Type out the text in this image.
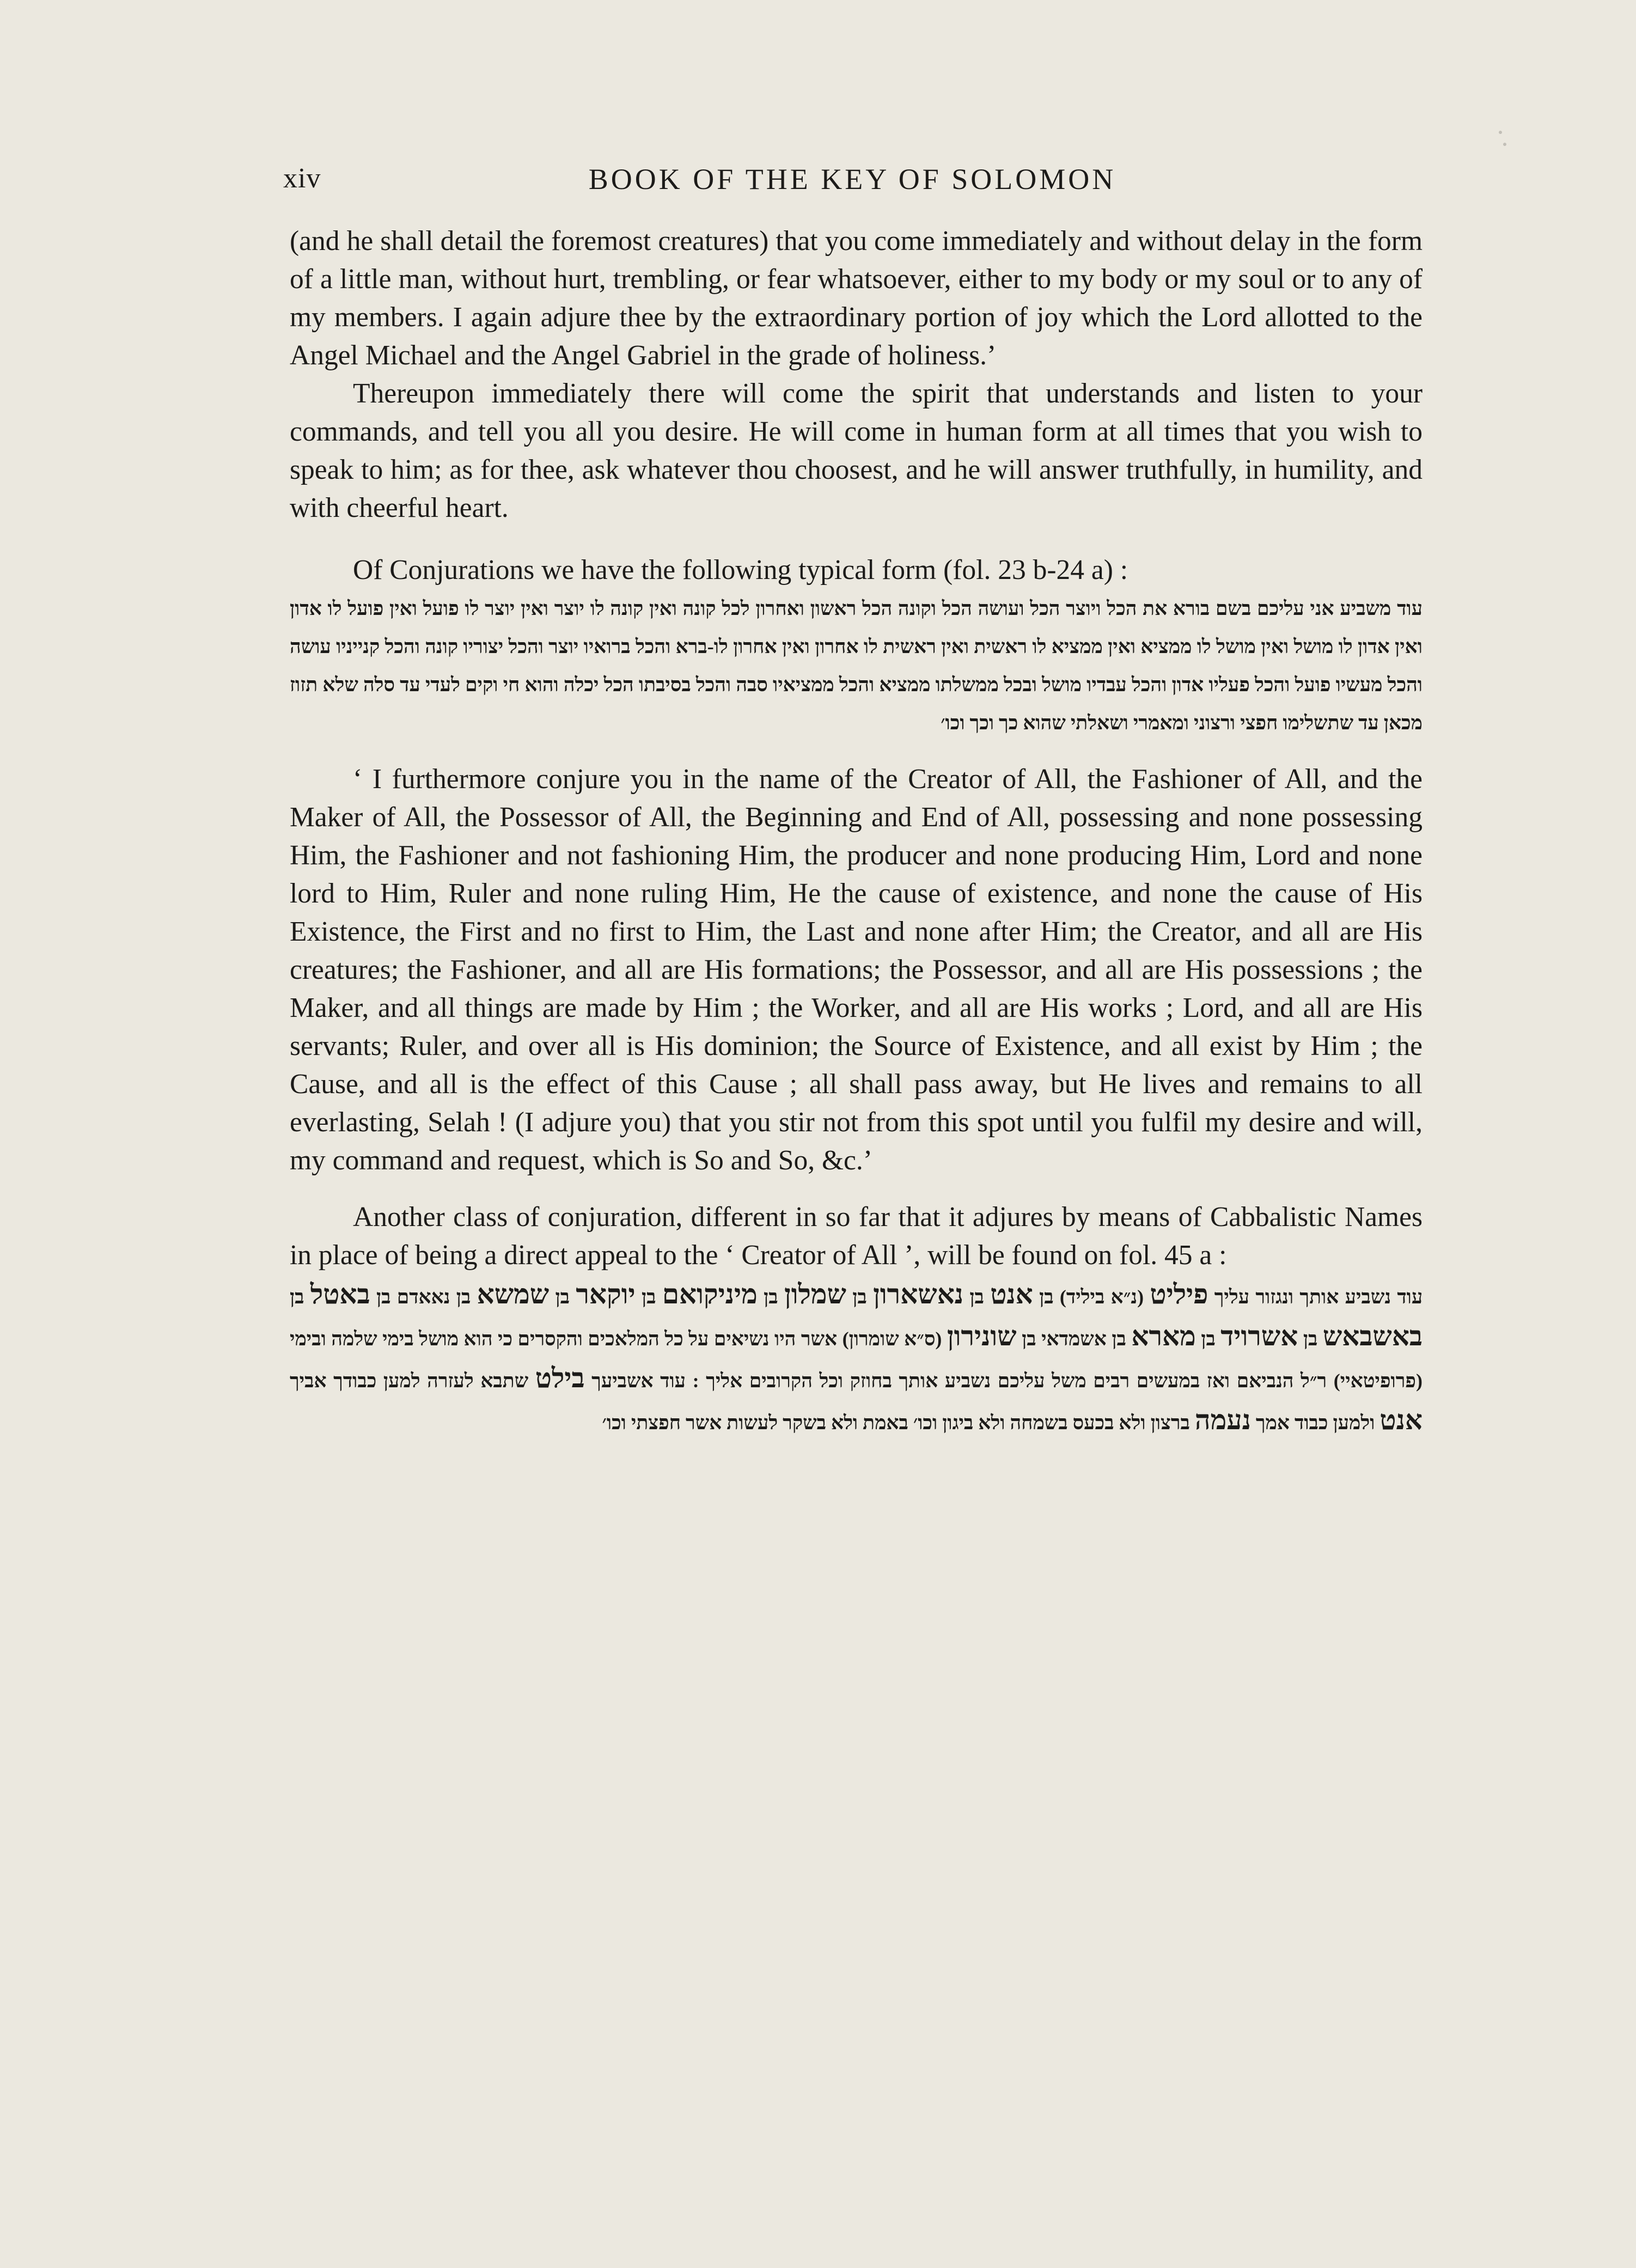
xiv	BOOK OF THE KEY OF SOLOMON

(and he shall detail the foremost creatures) that you come immediately and without delay in the form of a little man, without hurt, trembling, or fear whatsoever, either to my body or my soul or to any of my members. I again adjure thee by the extraordinary portion of joy which the Lord allotted to the Angel Michael and the Angel Gabriel in the grade of holiness.’

Thereupon immediately there will come the spirit that understands and listen to your commands, and tell you all you desire. He will come in human form at all times that you wish to speak to him; as for thee, ask whatever thou choosest, and he will answer truthfully, in humility, and with cheerful heart.

Of Conjurations we have the following typical form (fol. 23 b-24 a) :

עוד משביע אני עליכם בשם בורא את הכל ויוצר הכל ועושה הכל וקונה הכל ראשון ואחרון לכל קונה ואין קונה לו יוצר ואין יוצר לו פועל ואין פועל לו אדון ואין אדון לו מושל ואין מושל לו ממציא ואין ממציא לו ראשית ואין ראשית לו אחרון ואין אחרון לו-ברא והכל ברואיו יוצר והכל יצוריו קונה והכל קנייניו עושה והכל מעשיו פועל והכל פעליו אדון והכל עבדיו מושל ובכל ממשלתו ממציא והכל ממציאיו סבה והכל בסיבתו הכל יכלה והוא חי וקים לעדי עד סלה שלא תזוז מכאן עד שתשלימו חפצי ורצוני ומאמרי ושאלתי שהוא כך וכך וכו׳

‘ I furthermore conjure you in the name of the Creator of All, the Fashioner of All, and the Maker of All, the Possessor of All, the Beginning and End of All, possessing and none possessing Him, the Fashioner and not fashioning Him, the producer and none producing Him, Lord and none lord to Him, Ruler and none ruling Him, He the cause of existence, and none the cause of His Existence, the First and no first to Him, the Last and none after Him; the Creator, and all are His creatures; the Fashioner, and all are His formations; the Possessor, and all are His possessions ; the Maker, and all things are made by Him ; the Worker, and all are His works ; Lord, and all are His servants; Ruler, and over all is His dominion; the Source of Existence, and all exist by Him ; the Cause, and all is the effect of this Cause ; all shall pass away, but He lives and remains to all everlasting, Selah ! (I adjure you) that you stir not from this spot until you fulfil my desire and will, my command and request, which is So and So, &c.’

Another class of conjuration, different in so far that it adjures by means of Cabbalistic Names in place of being a direct appeal to the ‘ Creator of All ’, will be found on fol. 45 a :

עוד נשביע אותך ונגזור עליך פיליט (נ״א ביליד) בן אנט בן נאשארון בן שמלון בן מיניקואם בן יוקאר בן שמשא בן נאאדם בן באטל בן באשבאש בן אשרויד בן מארא בן אשמדאי בן שונירון (ס״א שומרון) אשר היו נשיאים על כל המלאכים והקסרים כי הוא מושל בימי שלמה ובימי (פרופיטאיי) ר״ל הנביאם ואז במעשים רבים משל עליכם נשביע אותך בחוזק וכל הקרובים אליך : עוד אשביעך בילט שתבא לעזרה למען כבודך אביך אנט ולמען כבוד אמך נעמה ברצון ולא בכעס בשמחה ולא ביגון וכו׳ באמת ולא בשקר לעשות אשר חפצתי וכו׳
